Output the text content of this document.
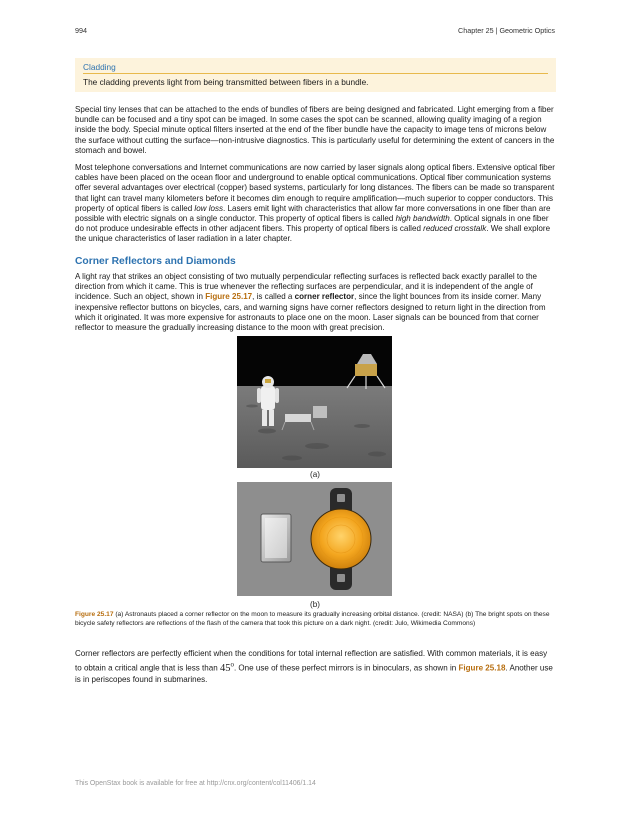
994	Chapter 25 | Geometric Optics
Cladding
The cladding prevents light from being transmitted between fibers in a bundle.

Special tiny lenses that can be attached to the ends of bundles of fibers are being designed and fabricated. Light emerging from a fiber bundle can be focused and a tiny spot can be imaged. In some cases the spot can be scanned, allowing quality imaging of a region inside the body. Special minute optical filters inserted at the end of the fiber bundle have the capacity to image tens of microns below the surface without cutting the surface—non-intrusive diagnostics. This is particularly useful for determining the extent of cancers in the stomach and bowel.

Most telephone conversations and Internet communications are now carried by laser signals along optical fibers. Extensive optical fiber cables have been placed on the ocean floor and underground to enable optical communications. Optical fiber communication systems offer several advantages over electrical (copper) based systems, particularly for long distances. The fibers can be made so transparent that light can travel many kilometers before it becomes dim enough to require amplification—much superior to copper conductors. This property of optical fibers is called low loss. Lasers emit light with characteristics that allow far more conversations in one fiber than are possible with electric signals on a single conductor. This property of optical fibers is called high bandwidth. Optical signals in one fiber do not produce undesirable effects in other adjacent fibers. This property of optical fibers is called reduced crosstalk. We shall explore the unique characteristics of laser radiation in a later chapter.

Corner Reflectors and Diamonds

A light ray that strikes an object consisting of two mutually perpendicular reflecting surfaces is reflected back exactly parallel to the direction from which it came. This is true whenever the reflecting surfaces are perpendicular, and it is independent of the angle of incidence. Such an object, shown in Figure 25.17, is called a corner reflector, since the light bounces from its inside corner. Many inexpensive reflector buttons on bicycles, cars, and warning signs have corner reflectors designed to return light in the direction from which it originated. It was more expensive for astronauts to place one on the moon. Laser signals can be bounced from that corner reflector to measure the gradually increasing distance to the moon with great precision.

(a)
(b)

Figure 25.17 (a) Astronauts placed a corner reflector on the moon to measure its gradually increasing orbital distance. (credit: NASA) (b) The bright spots on these bicycle safety reflectors are reflections of the flash of the camera that took this picture on a dark night. (credit: Julo, Wikimedia Commons)

Corner reflectors are perfectly efficient when the conditions for total internal reflection are satisfied. With common materials, it is easy to obtain a critical angle that is less than 45$^o$. One use of these perfect mirrors is in binoculars, as shown in Figure 25.18. Another use is in periscopes found in submarines.

This OpenStax book is available for free at http://cnx.org/content/col11406/1.14
